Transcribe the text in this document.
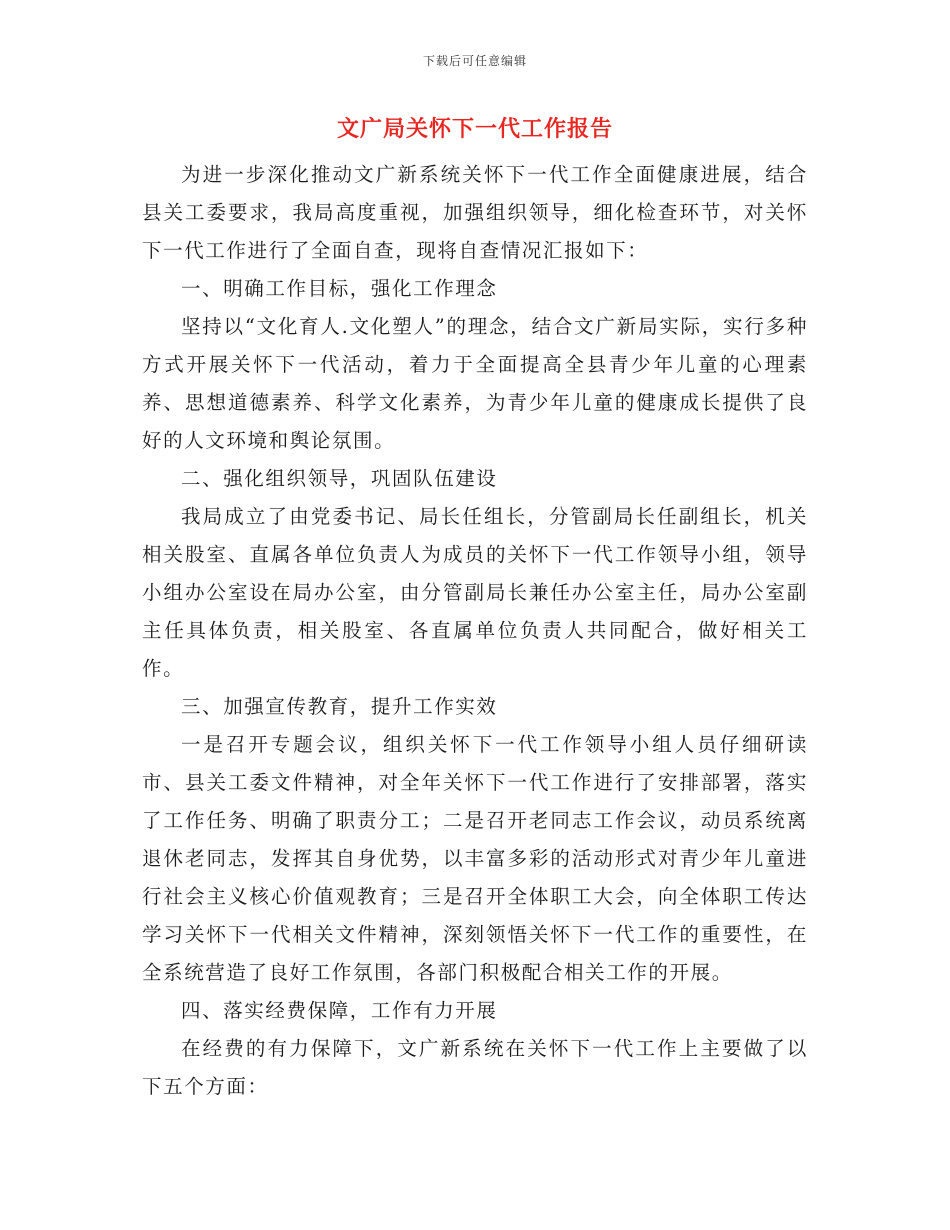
下载后可任意编辑
文广局关怀下一代工作报告

为进一步深化推动文广新系统关怀下一代工作全面健康进展，结合县关工委要求，我局高度重视，加强组织领导，细化检查环节，对关怀下一代工作进行了全面自查，现将自查情况汇报如下：

一、明确工作目标，强化工作理念

坚持以“文化育人.文化塑人”的理念，结合文广新局实际，实行多种方式开展关怀下一代活动，着力于全面提高全县青少年儿童的心理素养、思想道德素养、科学文化素养，为青少年儿童的健康成长提供了良好的人文环境和舆论氛围。

二、强化组织领导，巩固队伍建设

我局成立了由党委书记、局长任组长，分管副局长任副组长，机关相关股室、直属各单位负责人为成员的关怀下一代工作领导小组，领导小组办公室设在局办公室，由分管副局长兼任办公室主任，局办公室副主任具体负责，相关股室、各直属单位负责人共同配合，做好相关工作。

三、加强宣传教育，提升工作实效

一是召开专题会议，组织关怀下一代工作领导小组人员仔细研读市、县关工委文件精神，对全年关怀下一代工作进行了安排部署，落实了工作任务、明确了职责分工；二是召开老同志工作会议，动员系统离退休老同志，发挥其自身优势，以丰富多彩的活动形式对青少年儿童进行社会主义核心价值观教育；三是召开全体职工大会，向全体职工传达学习关怀下一代相关文件精神，深刻领悟关怀下一代工作的重要性，在全系统营造了良好工作氛围，各部门积极配合相关工作的开展。

四、落实经费保障，工作有力开展

在经费的有力保障下，文广新系统在关怀下一代工作上主要做了以下五个方面：
